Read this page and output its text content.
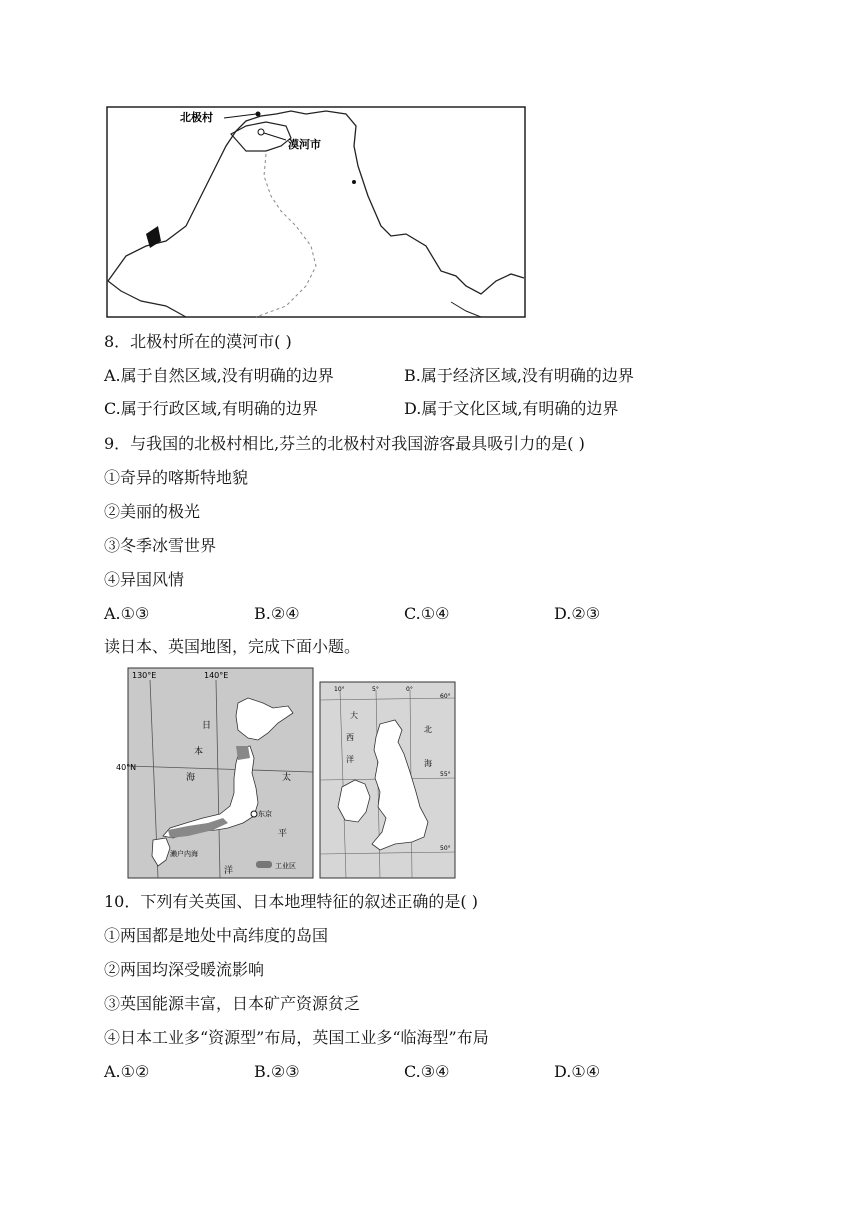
北极村
漠河市
8．北极村所在的漠河市( )
A.属于自然区域,没有明确的边界	B.属于经济区域,没有明确的边界
C.属于行政区域,有明确的边界	D.属于文化区域,有明确的边界
9．与我国的北极村相比,芬兰的北极村对我国游客最具吸引力的是( )
①奇异的喀斯特地貌
②美丽的极光
③冬季冰雪世界
④异国风情
A.①③	B.②④	C.①④	D.②③
读日本、英国地图，完成下面小题。
130°E	140°E
40°N
日
本
海	太
平
洋
东京
濑户内海
工业区
10°	5°	0°
60°
55°
50°
大
西
洋
北
海
10．下列有关英国、日本地理特征的叙述正确的是( )
①两国都是地处中高纬度的岛国
②两国均深受暖流影响
③英国能源丰富，日本矿产资源贫乏
④日本工业多“资源型”布局，英国工业多“临海型”布局
A.①②	B.②③	C.③④	D.①④
